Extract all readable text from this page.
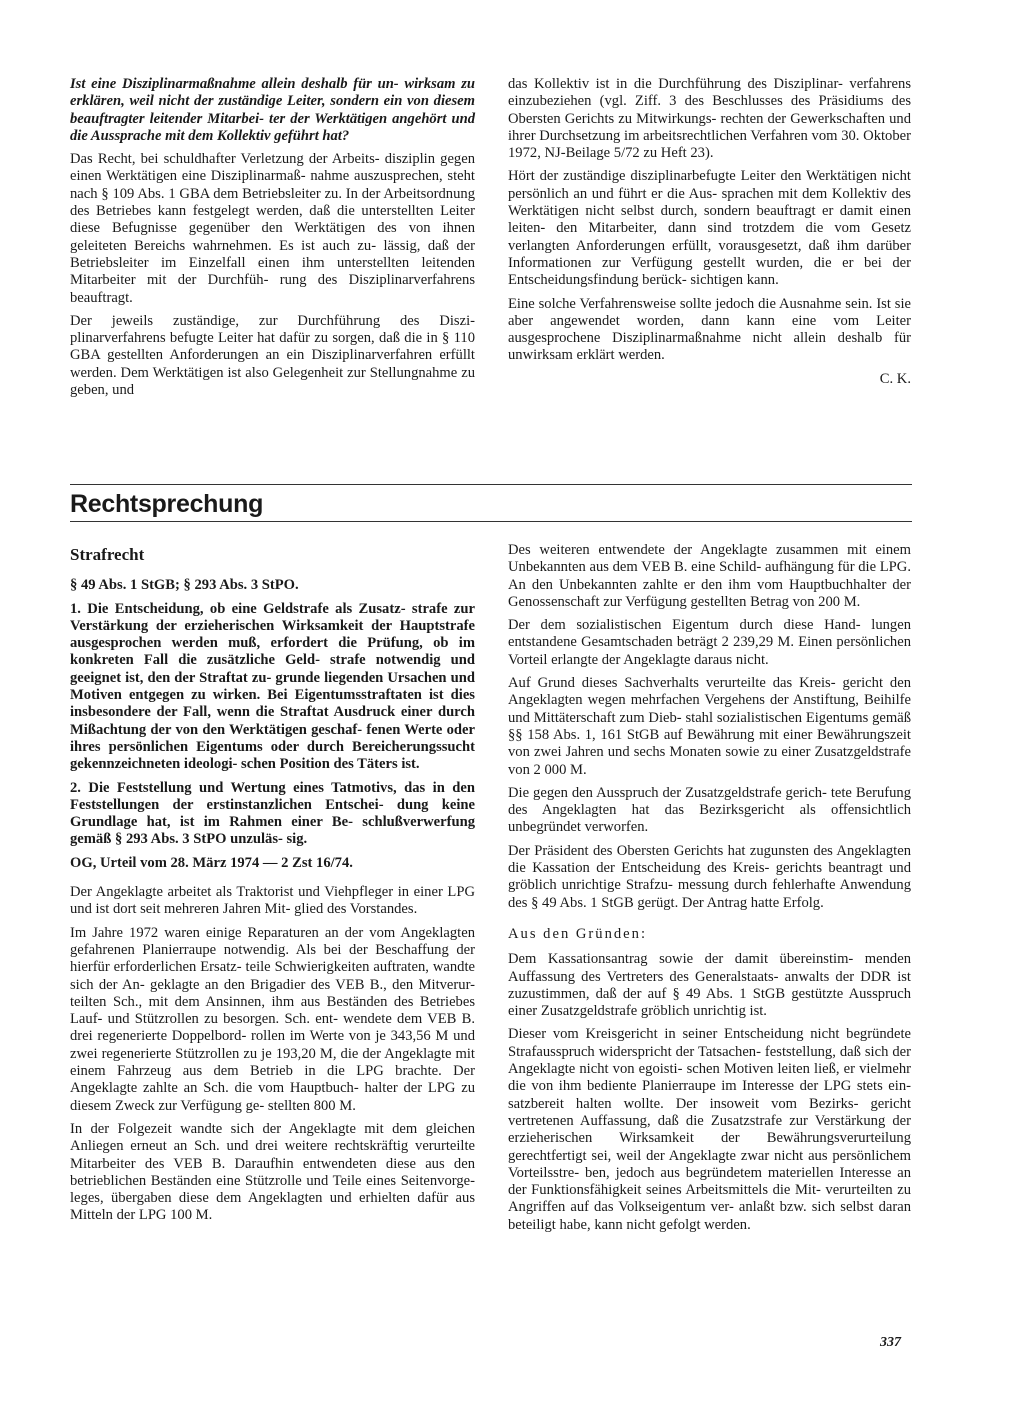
Ist eine Disziplinarmaßnahme allein deshalb für un- wirksam zu erklären, weil nicht der zuständige Leiter, sondern ein von diesem beauftragter leitender Mitarbei- ter der Werktätigen angehört und die Aussprache mit dem Kollektiv geführt hat?

Das Recht, bei schuldhafter Verletzung der Arbeits- disziplin gegen einen Werktätigen eine Disziplinarmaß- nahme auszusprechen, steht nach § 109 Abs. 1 GBA dem Betriebsleiter zu. In der Arbeitsordnung des Betriebes kann festgelegt werden, daß die unterstellten Leiter diese Befugnisse gegenüber den Werktätigen des von ihnen geleiteten Bereichs wahrnehmen. Es ist auch zu- lässig, daß der Betriebsleiter im Einzelfall einen ihm unterstellten leitenden Mitarbeiter mit der Durchfüh- rung des Disziplinarverfahrens beauftragt.

Der jeweils zuständige, zur Durchführung des Diszi- plinarverfahrens befugte Leiter hat dafür zu sorgen, daß die in § 110 GBA gestellten Anforderungen an ein Disziplinarverfahren erfüllt werden. Dem Werktätigen ist also Gelegenheit zur Stellungnahme zu geben, und

das Kollektiv ist in die Durchführung des Disziplinar- verfahrens einzubeziehen (vgl. Ziff. 3 des Beschlusses des Präsidiums des Obersten Gerichts zu Mitwirkungs- rechten der Gewerkschaften und ihrer Durchsetzung im arbeitsrechtlichen Verfahren vom 30. Oktober 1972, NJ-Beilage 5/72 zu Heft 23).

Hört der zuständige disziplinarbefugte Leiter den Werktätigen nicht persönlich an und führt er die Aus- sprachen mit dem Kollektiv des Werktätigen nicht selbst durch, sondern beauftragt er damit einen leiten- den Mitarbeiter, dann sind trotzdem die vom Gesetz verlangten Anforderungen erfüllt, vorausgesetzt, daß ihm darüber Informationen zur Verfügung gestellt wurden, die er bei der Entscheidungsfindung berück- sichtigen kann.

Eine solche Verfahrensweise sollte jedoch die Ausnahme sein. Ist sie aber angewendet worden, dann kann eine vom Leiter ausgesprochene Disziplinarmaßnahme nicht allein deshalb für unwirksam erklärt werden.

C. K.

Rechtsprechung

Strafrecht

§ 49 Abs. 1 StGB; § 293 Abs. 3 StPO.

1. Die Entscheidung, ob eine Geldstrafe als Zusatz- strafe zur Verstärkung der erzieherischen Wirksamkeit der Hauptstrafe ausgesprochen werden muß, erfordert die Prüfung, ob im konkreten Fall die zusätzliche Geld- strafe notwendig und geeignet ist, den der Straftat zu- grunde liegenden Ursachen und Motiven entgegen zu wirken. Bei Eigentumsstraftaten ist dies insbesondere der Fall, wenn die Straftat Ausdruck einer durch Mißachtung der von den Werktätigen geschaf- fenen Werte oder ihres persönlichen Eigentums oder durch Bereicherungssucht gekennzeichneten ideologi- schen Position des Täters ist.

2. Die Feststellung und Wertung eines Tatmotivs, das in den Feststellungen der erstinstanzlichen Entschei- dung keine Grundlage hat, ist im Rahmen einer Be- schlußverwerfung gemäß § 293 Abs. 3 StPO unzuläs- sig.

OG, Urteil vom 28. März 1974 — 2 Zst 16/74.

Der Angeklagte arbeitet als Traktorist und Viehpfleger in einer LPG und ist dort seit mehreren Jahren Mit- glied des Vorstandes.

Im Jahre 1972 waren einige Reparaturen an der vom Angeklagten gefahrenen Planierraupe notwendig. Als bei der Beschaffung der hierfür erforderlichen Ersatz- teile Schwierigkeiten auftraten, wandte sich der An- geklagte an den Brigadier des VEB B., den Mitverur- teilten Sch., mit dem Ansinnen, ihm aus Beständen des Betriebes Lauf- und Stützrollen zu besorgen. Sch. ent- wendete dem VEB B. drei regenerierte Doppelbord- rollen im Werte von je 343,56 M und zwei regenerierte Stützrollen zu je 193,20 M, die der Angeklagte mit einem Fahrzeug aus dem Betrieb in die LPG brachte. Der Angeklagte zahlte an Sch. die vom Hauptbuch- halter der LPG zu diesem Zweck zur Verfügung ge- stellten 800 M.

In der Folgezeit wandte sich der Angeklagte mit dem gleichen Anliegen erneut an Sch. und drei weitere rechtskräftig verurteilte Mitarbeiter des VEB B. Daraufhin entwendeten diese aus den betrieblichen Beständen eine Stützrolle und Teile eines Seitenvorge- leges, übergaben diese dem Angeklagten und erhielten dafür aus Mitteln der LPG 100 M.

Des weiteren entwendete der Angeklagte zusammen mit einem Unbekannten aus dem VEB B. eine Schild- aufhängung für die LPG. An den Unbekannten zahlte er den ihm vom Hauptbuchhalter der Genossenschaft zur Verfügung gestellten Betrag von 200 M.

Der dem sozialistischen Eigentum durch diese Hand- lungen entstandene Gesamtschaden beträgt 2 239,29 M. Einen persönlichen Vorteil erlangte der Angeklagte daraus nicht.

Auf Grund dieses Sachverhalts verurteilte das Kreis- gericht den Angeklagten wegen mehrfachen Vergehens der Anstiftung, Beihilfe und Mittäterschaft zum Dieb- stahl sozialistischen Eigentums gemäß §§ 158 Abs. 1, 161 StGB auf Bewährung mit einer Bewährungszeit von zwei Jahren und sechs Monaten sowie zu einer Zusatzgeldstrafe von 2 000 M.

Die gegen den Ausspruch der Zusatzgeldstrafe gerich- tete Berufung des Angeklagten hat das Bezirksgericht als offensichtlich unbegründet verworfen.

Der Präsident des Obersten Gerichts hat zugunsten des Angeklagten die Kassation der Entscheidung des Kreis- gerichts beantragt und gröblich unrichtige Strafzu- messung durch fehlerhafte Anwendung des § 49 Abs. 1 StGB gerügt. Der Antrag hatte Erfolg.

Aus den Gründen:

Dem Kassationsantrag sowie der damit übereinstim- menden Auffassung des Vertreters des Generalstaats- anwalts der DDR ist zuzustimmen, daß der auf § 49 Abs. 1 StGB gestützte Ausspruch einer Zusatzgeldstrafe gröblich unrichtig ist.

Dieser vom Kreisgericht in seiner Entscheidung nicht begründete Strafausspruch widerspricht der Tatsachen- feststellung, daß sich der Angeklagte nicht von egoisti- schen Motiven leiten ließ, er vielmehr die von ihm bediente Planierraupe im Interesse der LPG stets ein- satzbereit halten wollte. Der insoweit vom Bezirks- gericht vertretenen Auffassung, daß die Zusatzstrafe zur Verstärkung der erzieherischen Wirksamkeit der Bewährungsverurteilung gerechtfertigt sei, weil der Angeklagte zwar nicht aus persönlichem Vorteilsstre- ben, jedoch aus begründetem materiellen Interesse an der Funktionsfähigkeit seines Arbeitsmittels die Mit- verurteilten zu Angriffen auf das Volkseigentum ver- anlaßt bzw. sich selbst daran beteiligt habe, kann nicht gefolgt werden.

337
